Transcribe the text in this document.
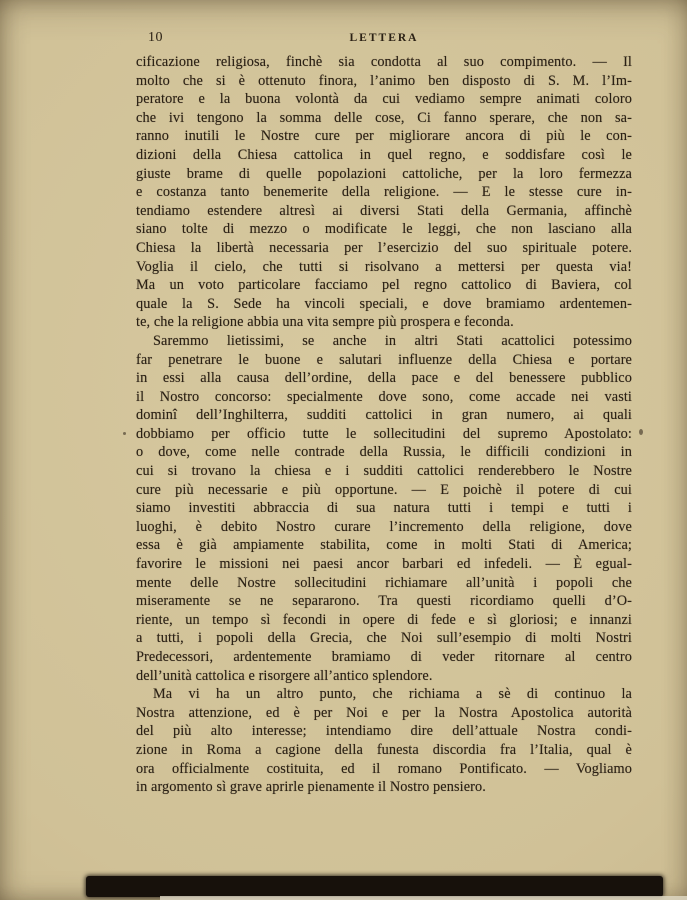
10	LETTERA
cificazione religiosa, finchè sia condotta al suo compimento. — Il
molto che si è ottenuto finora, l’animo ben disposto di S. M. l’Im-
peratore e la buona volontà da cui vediamo sempre animati coloro
che ivi tengono la somma delle cose, Ci fanno sperare, che non sa-
ranno inutili le Nostre cure per migliorare ancora di più le con-
dizioni della Chiesa cattolica in quel regno, e soddisfare così le
giuste brame di quelle popolazioni cattoliche, per la loro fermezza
e costanza tanto benemerite della religione. — E le stesse cure in-
tendiamo estendere altresì ai diversi Stati della Germania, affinchè
siano tolte di mezzo o modificate le leggi, che non lasciano alla
Chiesa la libertà necessaria per l’esercizio del suo spirituale potere.
Voglia il cielo, che tutti si risolvano a mettersi per questa via!
Ma un voto particolare facciamo pel regno cattolico di Baviera, col
quale la S. Sede ha vincoli speciali, e dove bramiamo ardentemen-
te, che la religione abbia una vita sempre più prospera e feconda.
Saremmo lietissimi, se anche in altri Stati acattolici potessimo
far penetrare le buone e salutari influenze della Chiesa e portare
in essi alla causa dell’ordine, della pace e del benessere pubblico
il Nostro concorso: specialmente dove sono, come accade nei vasti
dominî dell’Inghilterra, sudditi cattolici in gran numero, ai quali
dobbiamo per officio tutte le sollecitudini del supremo Apostolato:
o dove, come nelle contrade della Russia, le difficili condizioni in
cui si trovano la chiesa e i sudditi cattolici renderebbero le Nostre
cure più necessarie e più opportune. — E poichè il potere di cui
siamo investiti abbraccia di sua natura tutti i tempi e tutti i
luoghi, è debito Nostro curare l’incremento della religione, dove
essa è già ampiamente stabilita, come in molti Stati di America;
favorire le missioni nei paesi ancor barbari ed infedeli. — È egual-
mente delle Nostre sollecitudini richiamare all’unità i popoli che
miseramente se ne separarono. Tra questi ricordiamo quelli d’O-
riente, un tempo sì fecondi in opere di fede e sì gloriosi; e innanzi
a tutti, i popoli della Grecia, che Noi sull’esempio di molti Nostri
Predecessori, ardentemente bramiamo di veder ritornare al centro
dell’unità cattolica e risorgere all’antico splendore.
Ma vi ha un altro punto, che richiama a sè di continuo la
Nostra attenzione, ed è per Noi e per la Nostra Apostolica autorità
del più alto interesse; intendiamo dire dell’attuale Nostra condi-
zione in Roma a cagione della funesta discordia fra l’Italia, qual è
ora officialmente costituita, ed il romano Pontificato. — Vogliamo
in argomento sì grave aprirle pienamente il Nostro pensiero.
